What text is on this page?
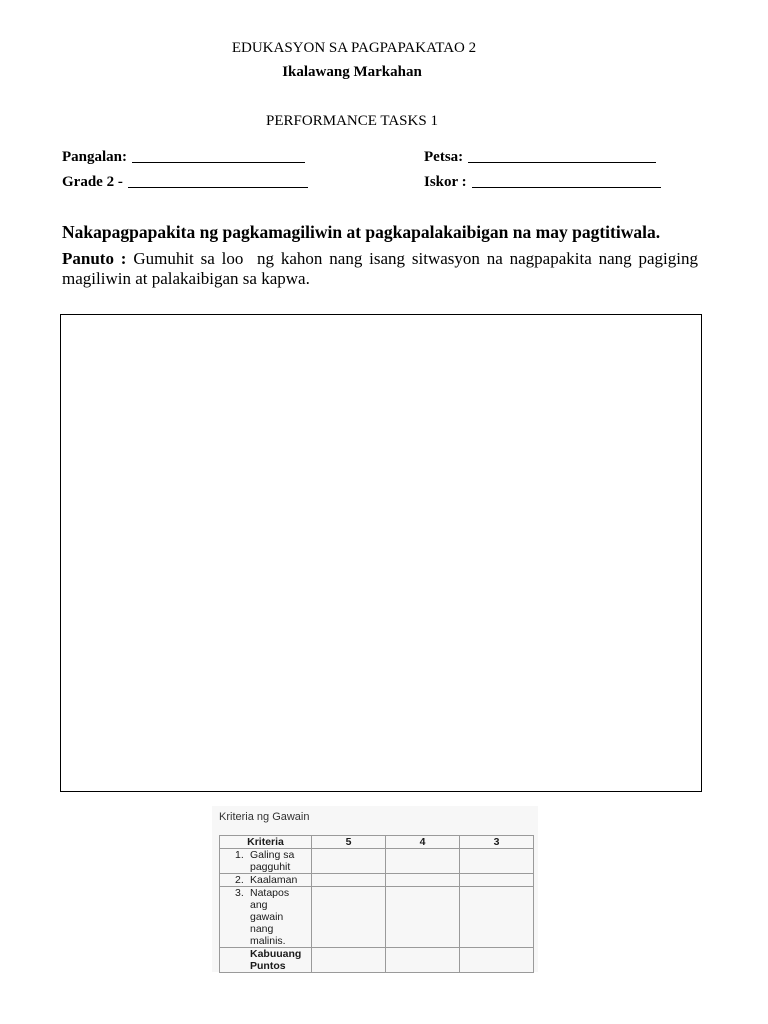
EDUKASYON SA PAGPAPAKATAO 2
Ikalawang Markahan
PERFORMANCE TASKS 1
Pangalan:	Petsa:
Grade 2 -	Iskor :
Nakapagpapakita ng pagkamagiliwin at pagkapalakaibigan na may pagtitiwala.

Panuto : Gumuhit sa loo  ng kahon nang isang sitwasyon na nagpapakita nang pagiging magiliwin at palakaibigan sa kapwa.

Kriteria ng Gawain
Kriteria	5	4	3

1. Galing sa pagguhit			

2. Kaalaman			

3. Natapos ang gawain nang malinis.			

Kabuuang Puntos			
